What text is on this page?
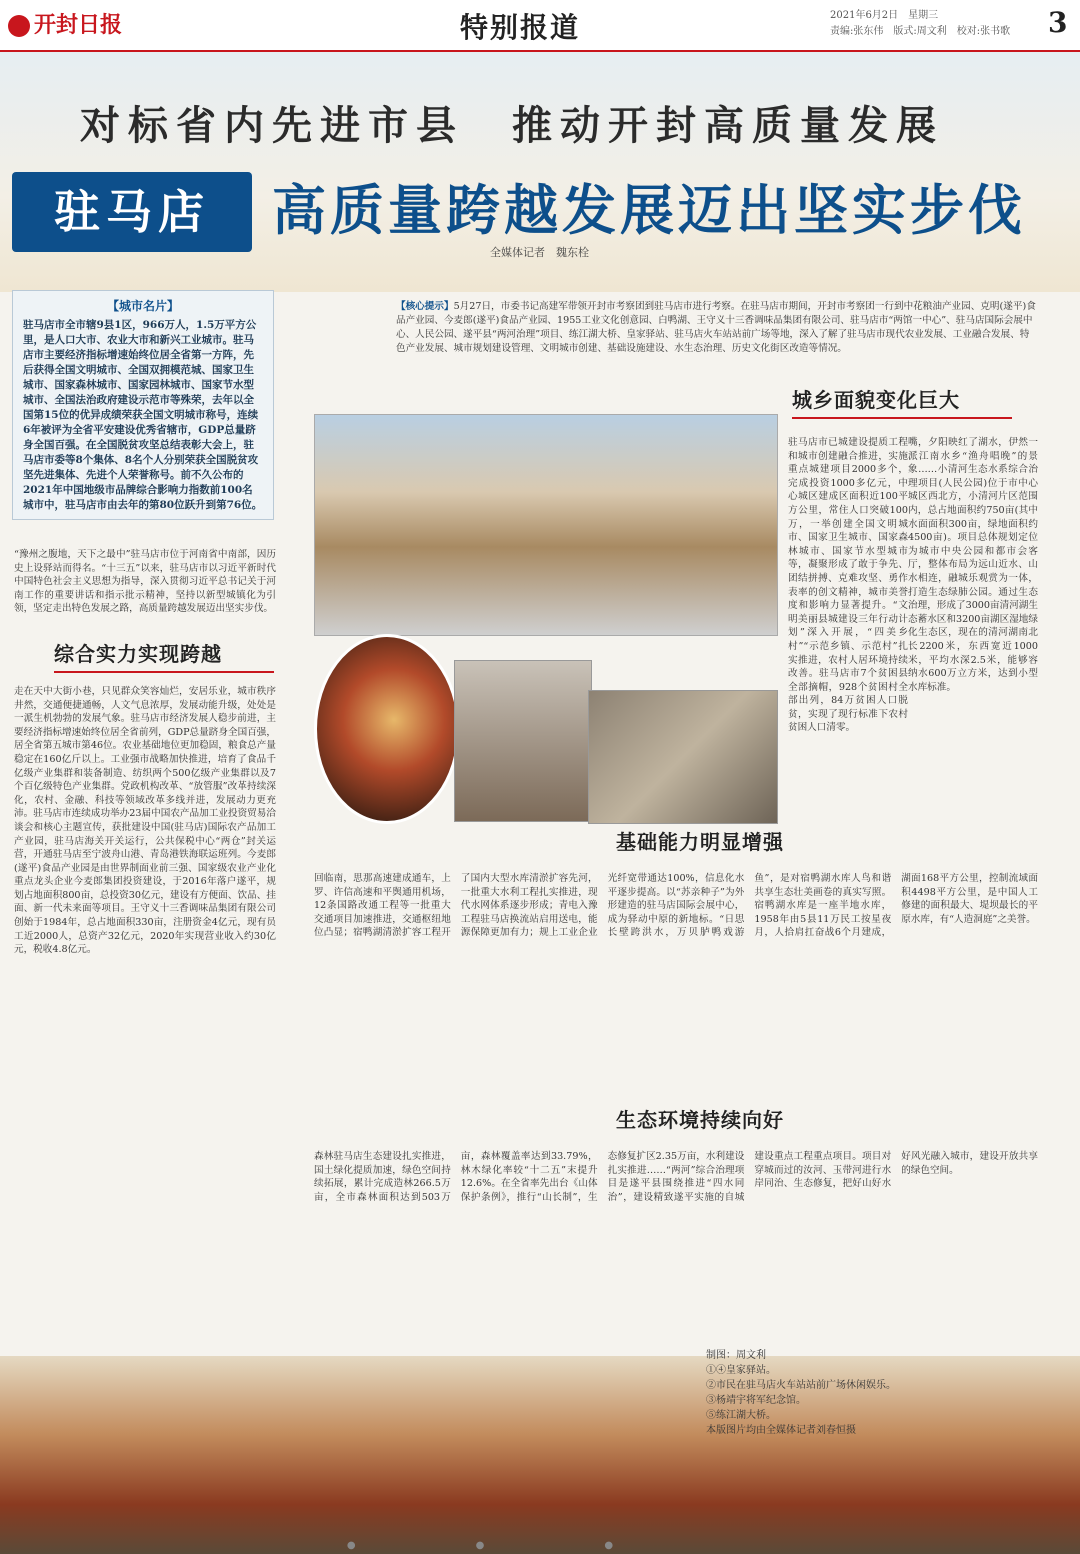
开封日报	特别报道	2021年6月2日　星期三
责编:张东伟　版式:周文利　校对:张书歌	3
对标省内先进市县　推动开封高质量发展
驻马店	高质量跨越发展迈出坚实步伐
全媒体记者　魏东栓
【城市名片】

驻马店市全市辖9县1区，966万人，1.5万平方公里，是人口大市、农业大市和新兴工业城市。驻马店市主要经济指标增速始终位居全省第一方阵，先后获得全国文明城市、全国双拥模范城、国家卫生城市、国家森林城市、国家园林城市、国家节水型城市、全国法治政府建设示范市等殊荣，去年以全国第15位的优异成绩荣获全国文明城市称号，连续6年被评为全省平安建设优秀省辖市，GDP总量跻身全国百强。在全国脱贫攻坚总结表彰大会上，驻马店市委等8个集体、8名个人分别荣获全国脱贫攻坚先进集体、先进个人荣誉称号。前不久公布的2021年中国地级市品牌综合影响力指数前100名城市中，驻马店市由去年的第80位跃升到第76位。

“豫州之腹地，天下之最中”驻马店市位于河南省中南部，因历史上设驿站而得名。“十三五”以来，驻马店市以习近平新时代中国特色社会主义思想为指导，深入贯彻习近平总书记关于河南工作的重要讲话和指示批示精神，坚持以新型城镇化为引领，坚定走出特色发展之路，高质量跨越发展迈出坚实步伐。

综合实力实现跨越

走在天中大街小巷，只见群众笑容灿烂，安居乐业，城市秩序井然，交通便捷通畅，人文气息浓厚，发展动能升级，处处是一派生机勃勃的发展气象。驻马店市经济发展人稳步前进，主要经济指标增速始终位居全省前列，GDP总量跻身全国百强，居全省第五城市第46位。农业基础地位更加稳固，粮食总产量稳定在160亿斤以上。工业强市战略加快推进，培育了食品千亿级产业集群和装备制造、纺织两个500亿级产业集群以及7个百亿级特色产业集群。党政机构改革、“放管服”改革持续深化，农村、金融、科技等领域改革多线并进，发展动力更充沛。驻马店市连续成功举办23届中国农产品加工业投资贸易洽谈会和核心主题宣传，获批建设中国(驻马店)国际农产品加工产业园，驻马店海关开关运行，公共保税中心“两仓”封关运营，开通驻马店至宁波舟山港、青岛港铁海联运班列。今麦郎(遂平)食品产业园是由世界制面业前三强、国家级农业产业化重点龙头企业今麦郎集团投资建设，于2016年落户遂平，规划占地面积800亩，总投资30亿元，建设有方便面、饮品、挂面、新一代未来面等项目。王守义十三香调味品集团有限公司创始于1984年，总占地面积330亩，注册资金4亿元，现有员工近2000人，总资产32亿元，2020年实现营业收入约30亿元，税收4.8亿元。

【核心提示】5月27日，市委书记高建军带领开封市考察团到驻马店市进行考察。在驻马店市期间，开封市考察团一行到中花粮油产业园、克明(遂平)食品产业园、今麦郎(遂平)食品产业园、1955工业文化创意园、白鸭湖、王守义十三香调味品集团有限公司、驻马店市“两馆一中心”、驻马店国际会展中心、人民公园、遂平县“两河治理”项目、练江湖大桥、皇家驿站、驻马店火车站站前广场等地，深入了解了驻马店市现代农业发展、工业融合发展、特色产业发展、城市规划建设管理、文明城市创建、基础设施建设、水生态治理、历史文化街区改造等情况。
城乡面貌变化巨大

驻马店市已城建设提质工程和城市创建融合推进，实施重点城建项目2000多个，完成投资1000多亿元，中心城区建成区面积近100平方公里，常住人口突破100万，一举创建全国文明城市、国家卫生城市、国家森林城市、国家节水型城市等，凝聚形成了敢于争先、团结拼搏、克难攻坚、勇作表率的创文精神，城市美誉度和影响力显著提升。“文明美丽县城建设三年行动计划”深入开展，“四美乡村”“示范乡镇、示范村”扎实推进，农村人居环境持续改善。驻马店市7个贫困县全部摘帽，928个贫困村全部出列，84万贫困人口脱贫，实现了现行标准下农村贫困人口清零。

嘴，夕阳映红了湖水，伊然一派江南水乡“渔舟唱晚”的景象……小清河生态水系综合治理项目(人民公园)位于市中心城区西北方，小清河片区范围内，总占地面积约750亩(其中水面面积300亩，绿地面积约4500亩)。项目总体规划定位为城市中央公园和都市会客厅，整体布局为远山近水、山水相连，融城乐观赏为一体，打造生态绿肺公园。通过生态治理，形成了3000亩清河湖生态蓄水区和3200亩湖区湿地绿化生态区，现在的清河湖南北长2200米，东西宽近1000米，平均水深2.5米，能够容纳水600万立方米，达到小型水库标准。

基础能力明显增强

回临南，思那高速建成通车，上罗、许信高速和平舆通用机场，12条国路改通工程等一批重大交通项目加速推进，交通枢纽地位凸显；宿鸭湖清淤扩容工程开了国内大型水库清淤扩容先河，一批重大水利工程扎实推进，现代水网体系逐步形成；青电入豫工程驻马店换流站启用送电，能源保障更加有力；规上工业企业光纤宽带通达100%，信息化水平逐步提高。以“苏亲种子”为外形建造的驻马店国际会展中心，成为驿动中原的新地标。“日思长壁跨洪水，万贝胪鸭戏游鱼”，是对宿鸭湖水库人鸟和谐共享生态壮美画卷的真实写照。宿鸭湖水库是一座半地水库，1958年由5县11万民工按星夜月，人拾肩扛奋战6个月建成，湖面168平方公里，控制流域面积4498平方公里，是中国人工修建的面积最大、堤坝最长的平原水库，有“人造洞庭”之美誉。

生态环境持续向好

森林驻马店生态建设扎实推进，国土绿化提质加速，绿色空间持续拓展，累计完成造林266.5万亩，全市森林面积达到503万亩，森林覆盖率达到33.79%，林木绿化率较“十二五”末提升12.6%。在全省率先出台《山体保护条例》，推行“山长制”，生态修复扩区2.35万亩，水利建设扎实推进……“两河”综合治理项目是遂平县围绕推进“四水同治”，建设精致遂平实施的自城建设重点工程重点项目。项目对穿城而过的汝河、玉带河进行水岸同治、生态修复，把好山好水好风光融入城市，建设开放共享的绿色空间。

制图：周文利
①④皇家驿站。
②市民在驻马店火车站站前广场休闲娱乐。
③杨靖宇将军纪念馆。
⑤练江湖大桥。
本版图片均由全媒体记者刘春恒摄
●●●
